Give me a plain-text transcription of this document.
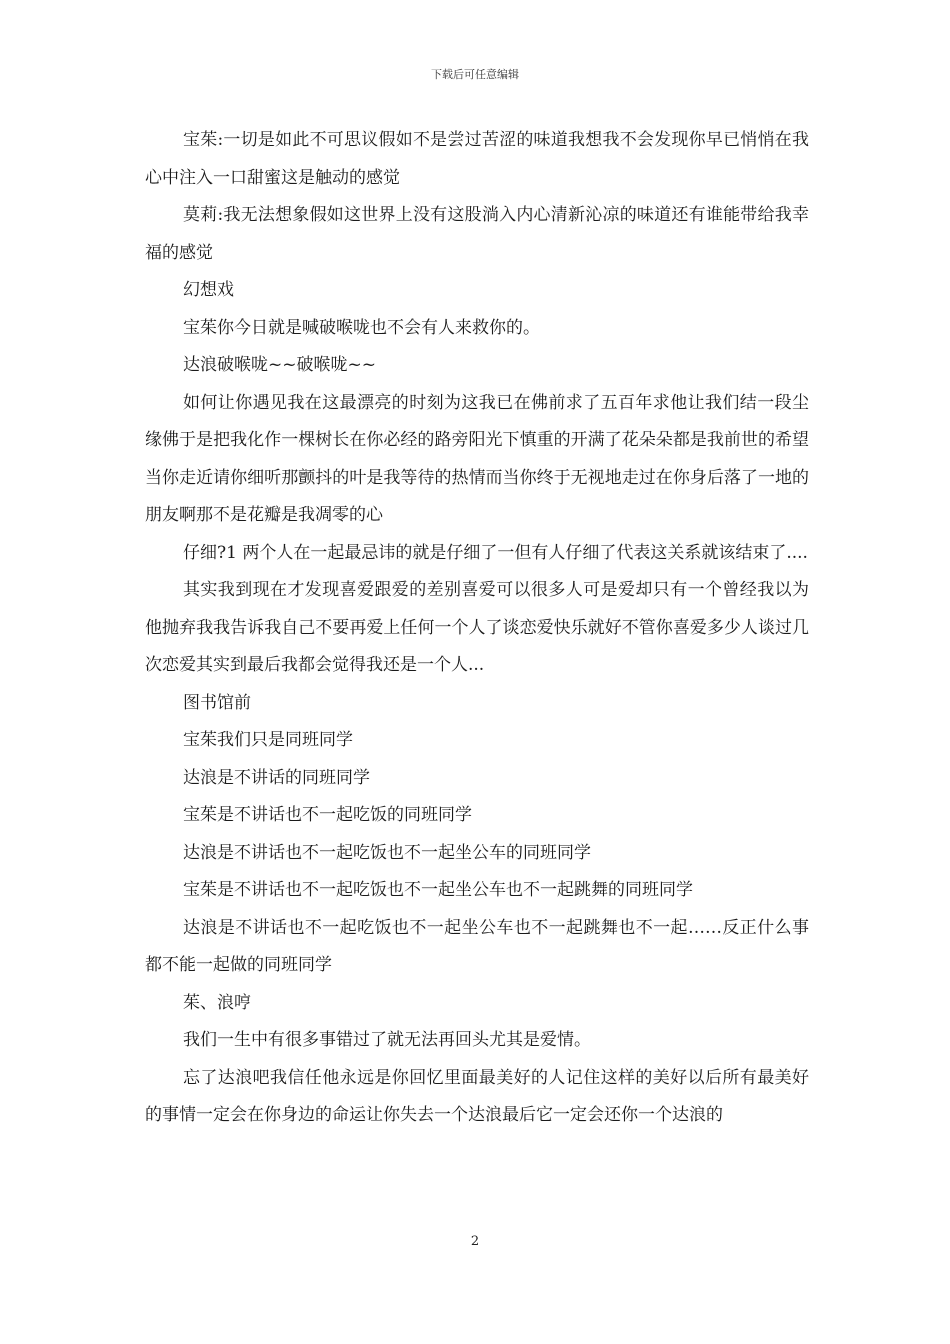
下载后可任意编辑

宝茱:一切是如此不可思议假如不是尝过苦涩的味道我想我不会发现你早已悄悄在我心中注入一口甜蜜这是触动的感觉

莫莉:我无法想象假如这世界上没有这股淌入内心清新沁凉的味道还有谁能带给我幸福的感觉

幻想戏

宝茱你今日就是喊破喉咙也不会有人来救你的。

达浪破喉咙~~破喉咙~~

如何让你遇见我在这最漂亮的时刻为这我已在佛前求了五百年求他让我们结一段尘缘佛于是把我化作一棵树长在你必经的路旁阳光下慎重的开满了花朵朵都是我前世的希望当你走近请你细听那颤抖的叶是我等待的热情而当你终于无视地走过在你身后落了一地的朋友啊那不是花瓣是我凋零的心

仔细?1 两个人在一起最忌讳的就是仔细了一但有人仔细了代表这关系就该结束了....

其实我到现在才发现喜爱跟爱的差别喜爱可以很多人可是爱却只有一个曾经我以为他抛弃我我告诉我自己不要再爱上任何一个人了谈恋爱快乐就好不管你喜爱多少人谈过几次恋爱其实到最后我都会觉得我还是一个人...

图书馆前

宝茱我们只是同班同学

达浪是不讲话的同班同学

宝茱是不讲话也不一起吃饭的同班同学

达浪是不讲话也不一起吃饭也不一起坐公车的同班同学

宝茱是不讲话也不一起吃饭也不一起坐公车也不一起跳舞的同班同学

达浪是不讲话也不一起吃饭也不一起坐公车也不一起跳舞也不一起……反正什么事都不能一起做的同班同学

茱、浪哼

我们一生中有很多事错过了就无法再回头尤其是爱情。

忘了达浪吧我信任他永远是你回忆里面最美好的人记住这样的美好以后所有最美好的事情一定会在你身边的命运让你失去一个达浪最后它一定会还你一个达浪的

2
